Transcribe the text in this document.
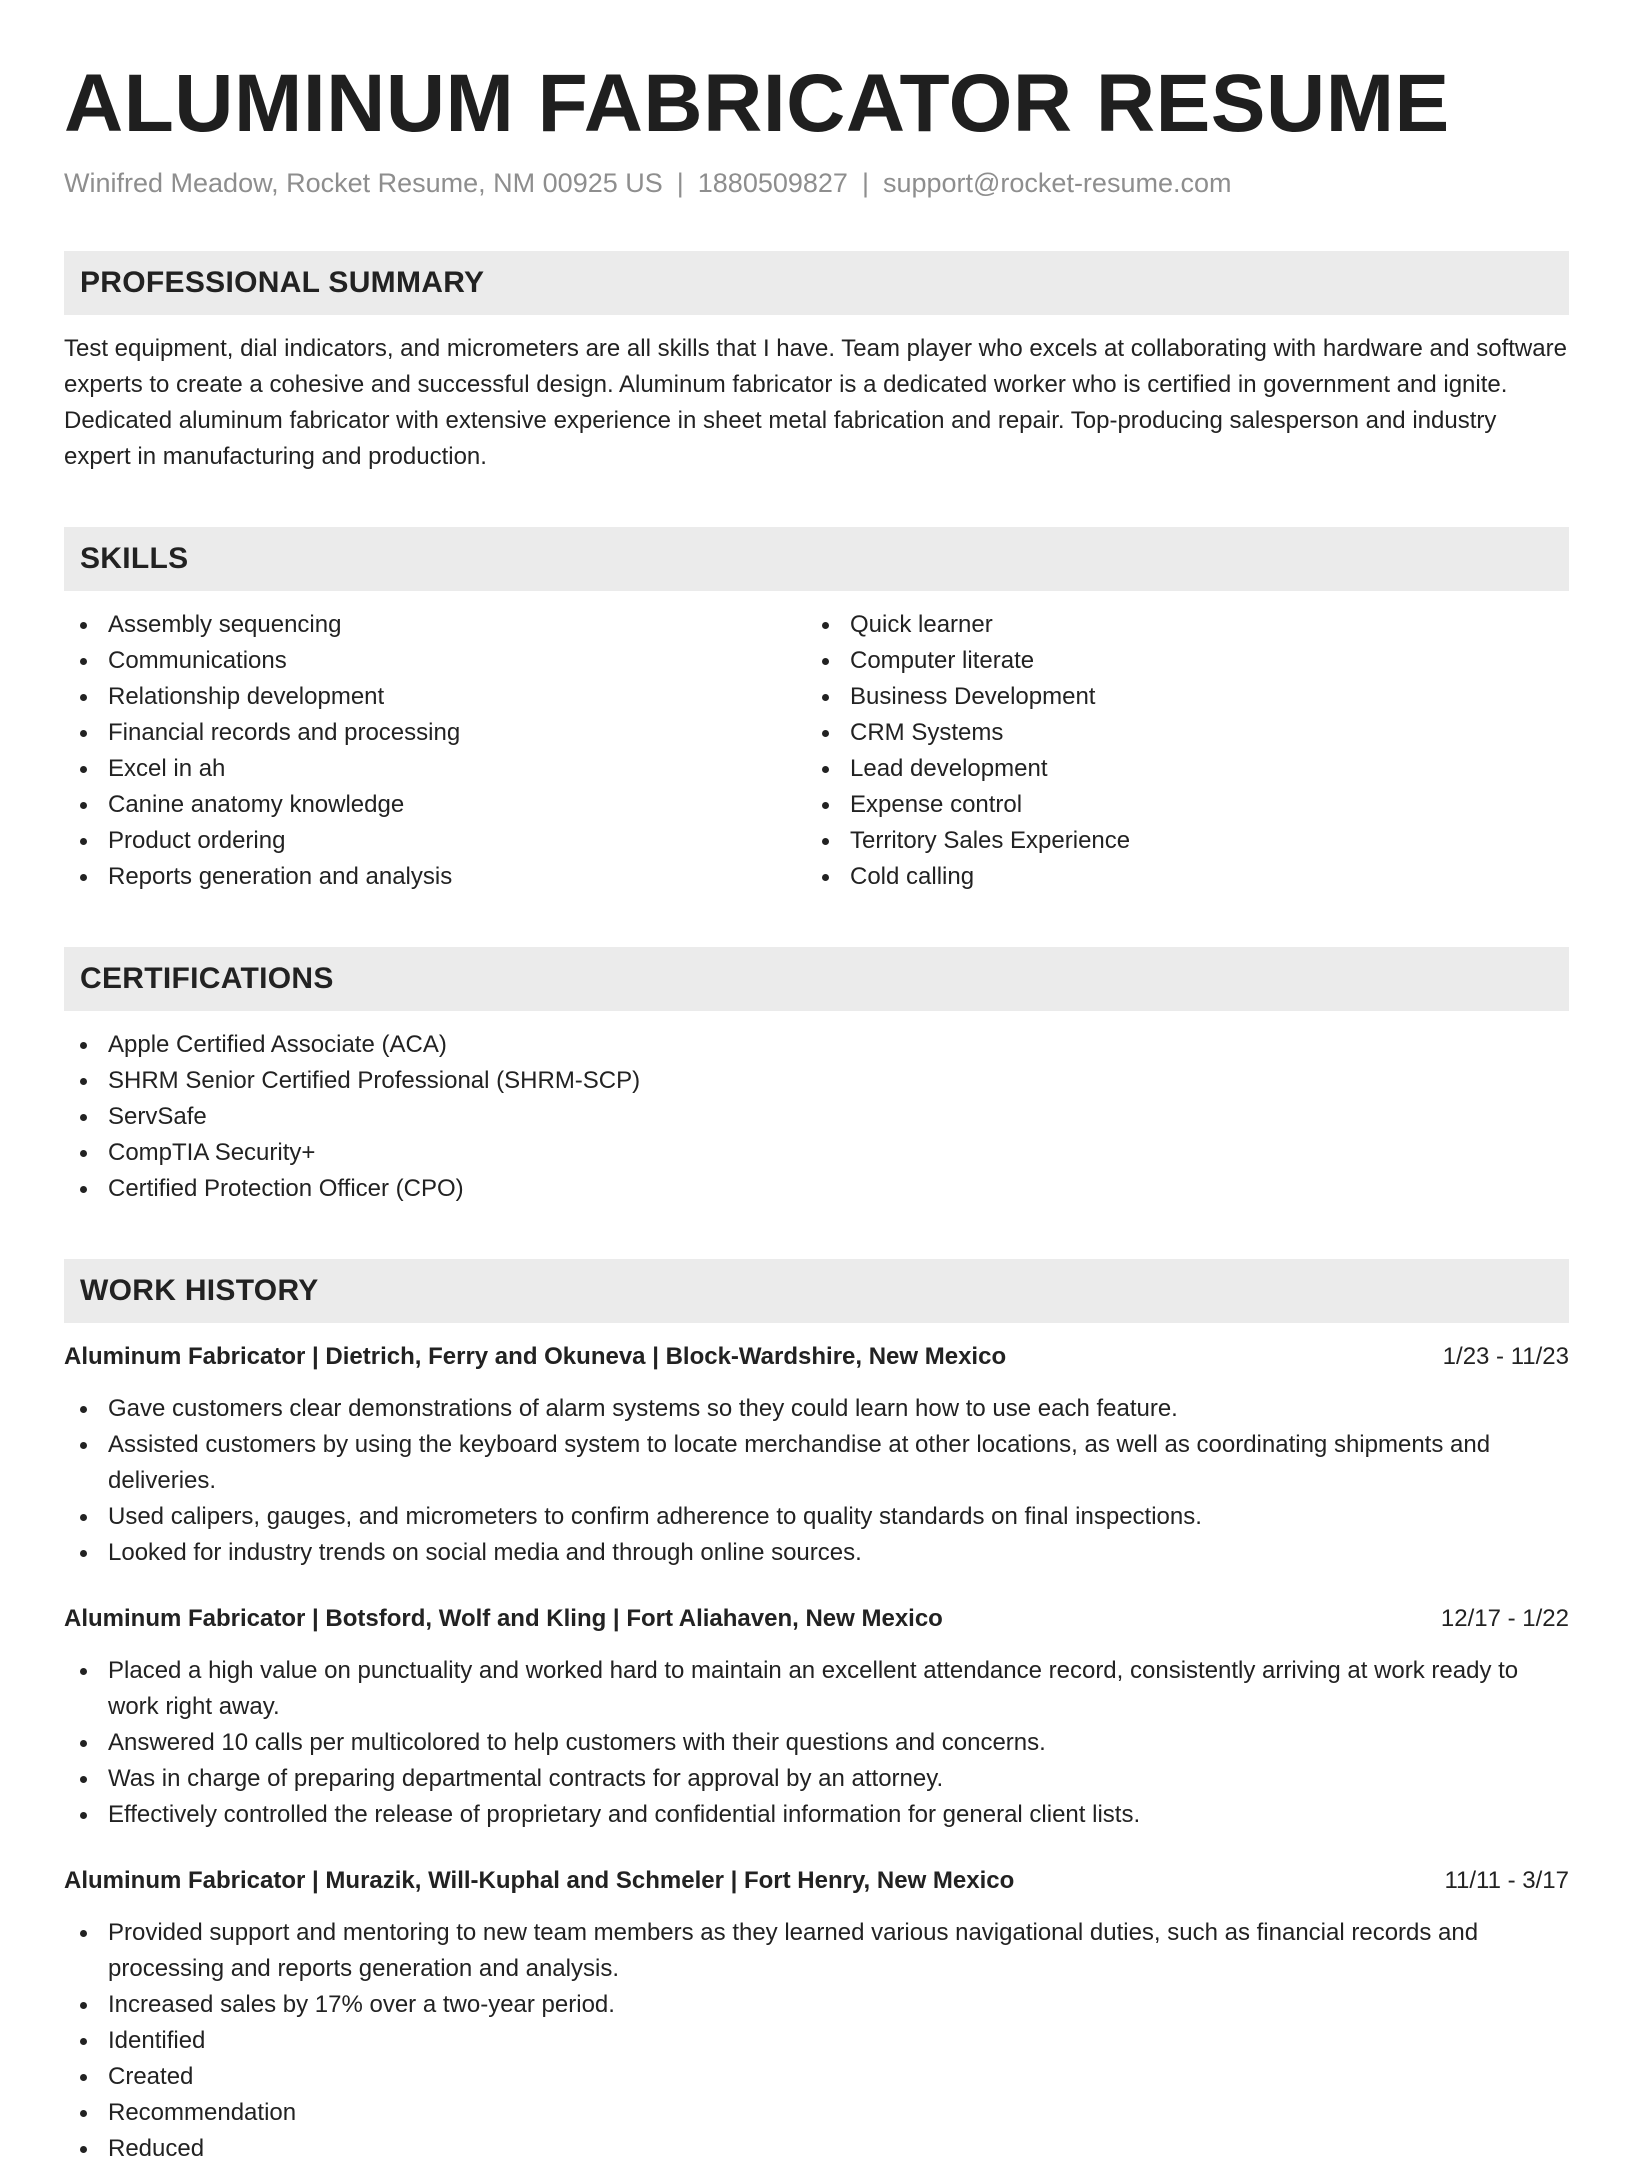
ALUMINUM FABRICATOR RESUME
Winifred Meadow, Rocket Resume, NM 00925 US | 1880509827 | support@rocket-resume.com
PROFESSIONAL SUMMARY

Test equipment, dial indicators, and micrometers are all skills that I have. Team player who excels at collaborating with hardware and software experts to create a cohesive and successful design. Aluminum fabricator is a dedicated worker who is certified in government and ignite. Dedicated aluminum fabricator with extensive experience in sheet metal fabrication and repair. Top-producing salesperson and industry expert in manufacturing and production.

SKILLS
Assembly sequencing
Communications
Relationship development
Financial records and processing
Excel in ah
Canine anatomy knowledge
Product ordering
Reports generation and analysis
Quick learner
Computer literate
Business Development
CRM Systems
Lead development
Expense control
Territory Sales Experience
Cold calling
CERTIFICATIONS
Apple Certified Associate (ACA)
SHRM Senior Certified Professional (SHRM-SCP)
ServSafe
CompTIA Security+
Certified Protection Officer (CPO)
WORK HISTORY
Aluminum Fabricator | Dietrich, Ferry and Okuneva | Block-Wardshire, New Mexico	1/23 - 11/23
Gave customers clear demonstrations of alarm systems so they could learn how to use each feature.
Assisted customers by using the keyboard system to locate merchandise at other locations, as well as coordinating shipments and deliveries.
Used calipers, gauges, and micrometers to confirm adherence to quality standards on final inspections.
Looked for industry trends on social media and through online sources.
Aluminum Fabricator | Botsford, Wolf and Kling | Fort Aliahaven, New Mexico	12/17 - 1/22
Placed a high value on punctuality and worked hard to maintain an excellent attendance record, consistently arriving at work ready to work right away.
Answered 10 calls per multicolored to help customers with their questions and concerns.
Was in charge of preparing departmental contracts for approval by an attorney.
Effectively controlled the release of proprietary and confidential information for general client lists.
Aluminum Fabricator | Murazik, Will-Kuphal and Schmeler | Fort Henry, New Mexico	11/11 - 3/17
Provided support and mentoring to new team members as they learned various navigational duties, such as financial records and processing and reports generation and analysis.
Increased sales by 17% over a two-year period.
Identified
Created
Recommendation
Reduced
